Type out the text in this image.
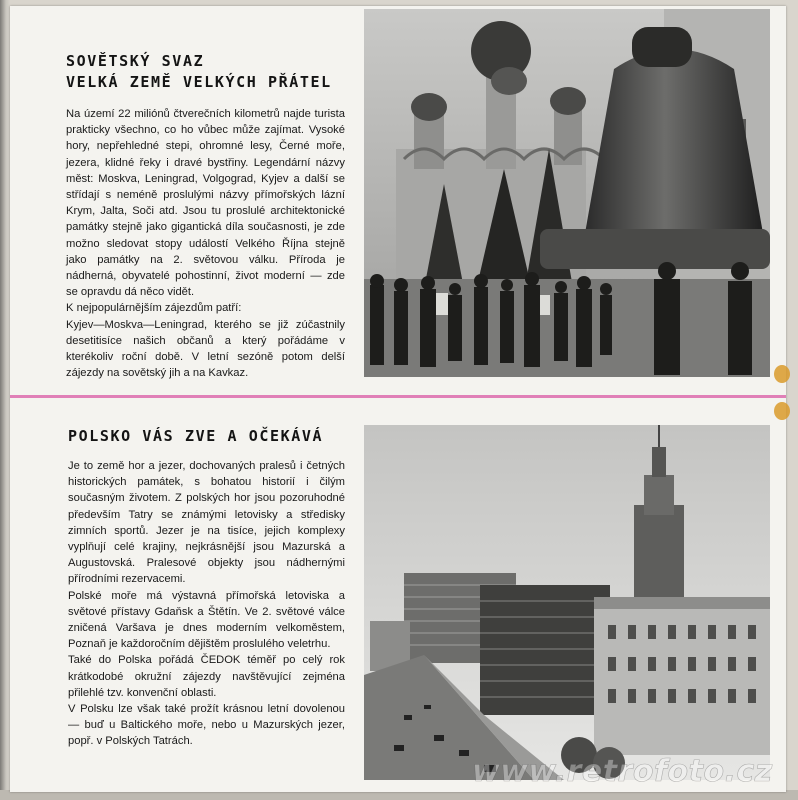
SOVĚTSKÝ SVAZ
VELKÁ ZEMĚ VELKÝCH PŘÁTEL

Na území 22 miliónů čtverečních kilometrů najde turista prakticky všechno, co ho vůbec může zajímat. Vysoké hory, nepřehledné stepi, ohromné lesy, Černé moře, jezera, klidné řeky i dravé bystřiny. Legendární názvy měst: Moskva, Leningrad, Volgograd, Kyjev a další se střídají s neméně proslulými názvy přímořských lázní Krym, Jalta, Soči atd. Jsou tu proslulé architektonické památky stejně jako gigantická díla současnosti, je zde možno sledovat stopy událostí Velkého Října stejně jako památky na 2. světovou válku. Příroda je nádherná, obyvatelé pohostinní, život moderní — zde se opravdu dá něco vidět.

K nejpopulárnějším zájezdům patří:

Kyjev—Moskva—Leningrad, kterého se již zúčastnily desetitisíce našich občanů a který pořádáme v kterékoliv roční době. V letní sezóně potom delší zájezdy na sovětský jih a na Kavkaz.

POLSKO VÁS ZVE A OČEKÁVÁ

Je to země hor a jezer, dochovaných pralesů i četných historických památek, s bohatou historií i čilým současným životem. Z polských hor jsou pozoruhodné především Tatry se známými letovisky a středisky zimních sportů. Jezer je na tisíce, jejich komplexy vyplňují celé krajiny, nejkrásnější jsou Mazurská a Augustovská. Pralesové objekty jsou nádhernými přírodními rezervacemi.

Polské moře má výstavná přímořská letoviska a světové přístavy Gdaňsk a Štětín. Ve 2. světové válce zničená Varšava je dnes moderním velkoměstem, Poznaň je každoročním dějištěm proslulého veletrhu.

Také do Polska pořádá ČEDOK téměř po celý rok krátkodobé okružní zájezdy navštěvující zejména přilehlé tzv. konvenční oblasti.

V Polsku lze však také prožít krásnou letní dovolenou — buď u Baltického moře, nebo u Mazurských jezer, popř. v Polských Tatrách.

www.retrofoto.cz
